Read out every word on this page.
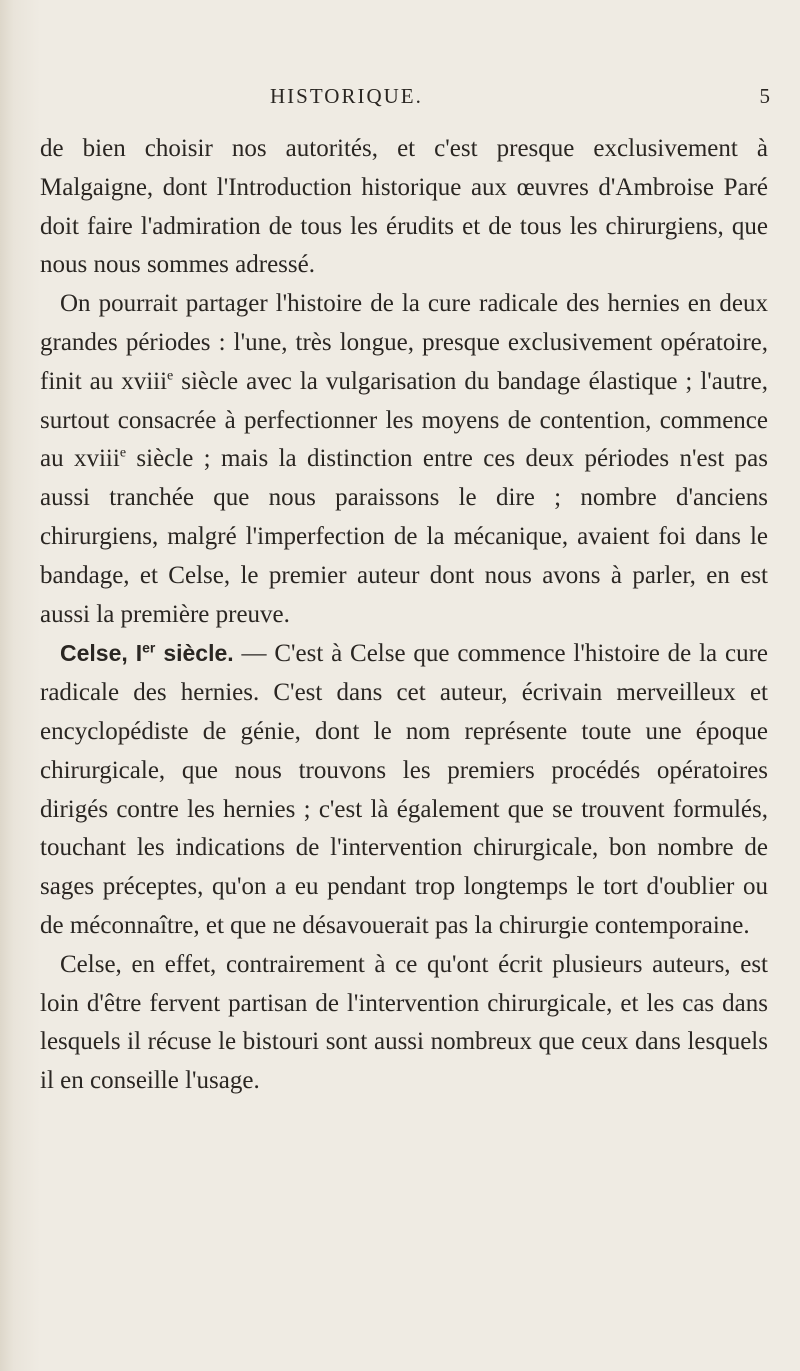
HISTORIQUE.	5

de bien choisir nos autorités, et c'est presque exclusivement à Malgaigne, dont l'Introduction historique aux œuvres d'Ambroise Paré doit faire l'admiration de tous les érudits et de tous les chirurgiens, que nous nous sommes adressé.

On pourrait partager l'histoire de la cure radicale des hernies en deux grandes périodes : l'une, très longue, presque exclusivement opératoire, finit au xviii$^e$ siècle avec la vulgarisation du bandage élastique ; l'autre, surtout consacrée à perfectionner les moyens de contention, commence au xviii$^e$ siècle ; mais la distinction entre ces deux périodes n'est pas aussi tranchée que nous paraissons le dire ; nombre d'anciens chirurgiens, malgré l'imperfection de la mécanique, avaient foi dans le bandage, et Celse, le premier auteur dont nous avons à parler, en est aussi la première preuve.

Celse, Ier siècle. — C'est à Celse que commence l'histoire de la cure radicale des hernies. C'est dans cet auteur, écrivain merveilleux et encyclopédiste de génie, dont le nom représente toute une époque chirurgicale, que nous trouvons les premiers procédés opératoires dirigés contre les hernies ; c'est là également que se trouvent formulés, touchant les indications de l'intervention chirurgicale, bon nombre de sages préceptes, qu'on a eu pendant trop longtemps le tort d'oublier ou de méconnaître, et que ne désavouerait pas la chirurgie contemporaine.

Celse, en effet, contrairement à ce qu'ont écrit plusieurs auteurs, est loin d'être fervent partisan de l'intervention chirurgicale, et les cas dans lesquels il récuse le bistouri sont aussi nombreux que ceux dans lesquels il en conseille l'usage.
